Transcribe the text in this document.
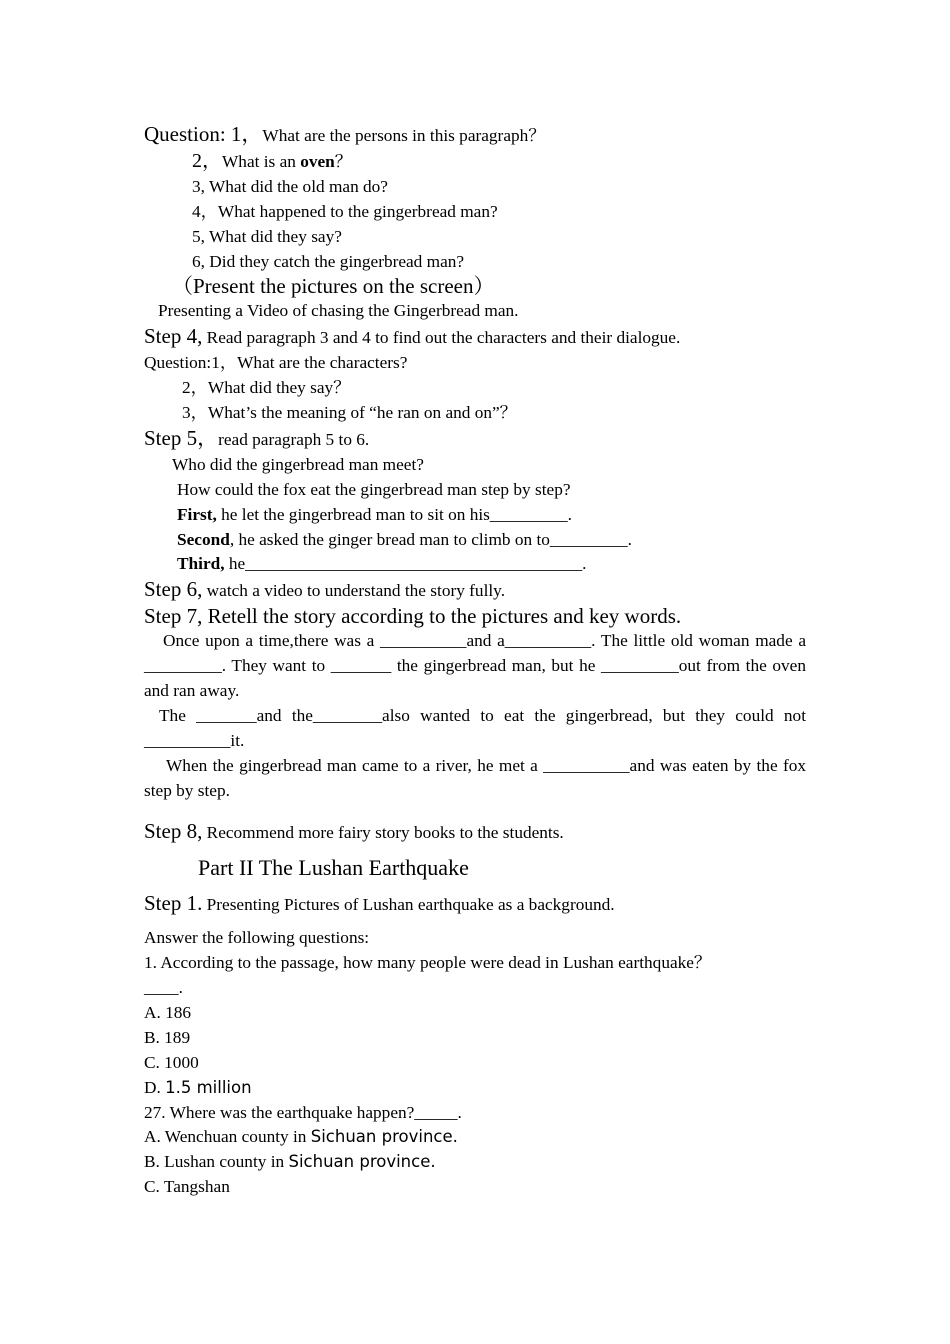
Question: 1，What are the persons in this paragraph？
2，What is an oven？
3, What did the old man do?
4，What happened to the gingerbread man?
5, What did they say?
6, Did they catch the gingerbread man?
（Present the pictures on the screen）
Presenting a Video of chasing the Gingerbread man.
Step 4, Read paragraph 3 and 4 to find out the characters and their dialogue.
Question:1，What are the characters?
2，What did they say？
3，What’s the meaning of “he ran on and on”？
Step 5，read paragraph 5 to 6.
Who did the gingerbread man meet?
How could the fox eat the gingerbread man step by step?
First, he let the gingerbread man to sit on his_________.
Second, he asked the ginger bread man to climb on to_________.
Third, he_______________________________________.
Step 6, watch a video to understand the story fully.
Step 7, Retell the story according to the pictures and key words.
Once upon a time,there was a __________and a__________. The little old woman made a _________. They want to _______ the gingerbread man, but he _________out from the oven and ran away.
The _______and the________also wanted to eat the gingerbread, but they could not __________it.
When the gingerbread man came to a river, he met a __________and was eaten by the fox step by step.
Step 8, Recommend more fairy story books to the students.
Part II The Lushan Earthquake
Step 1. Presenting Pictures of Lushan earthquake as a background.
Answer the following questions:
1. According to the passage, how many people were dead in Lushan earthquake？
____.
A. 186
B. 189
C. 1000
D. 1.5 million
27. Where was the earthquake happen?_____.
A. Wenchuan county in Sichuan province.
B. Lushan county in Sichuan province.
C. Tangshan
